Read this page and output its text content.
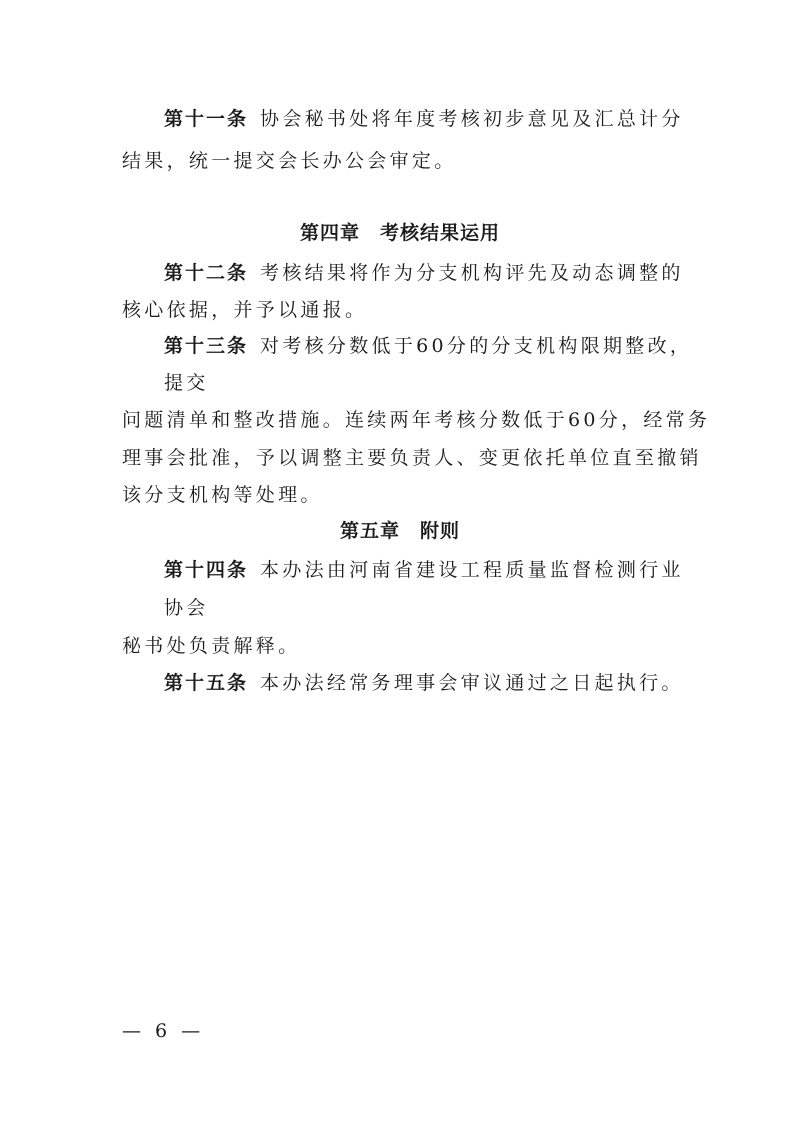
第十一条 协会秘书处将年度考核初步意见及汇总计分
结果，统一提交会长办公会审定。
第四章　考核结果运用
第十二条 考核结果将作为分支机构评先及动态调整的
核心依据，并予以通报。
第十三条 对考核分数低于60分的分支机构限期整改，
提交
问题清单和整改措施。连续两年考核分数低于60分，经常务
理事会批准，予以调整主要负责人、变更依托单位直至撤销
该分支机构等处理。
第五章　附则
第十四条 本办法由河南省建设工程质量监督检测行业
协会
秘书处负责解释。
第十五条 本办法经常务理事会审议通过之日起执行。
— 6 —
